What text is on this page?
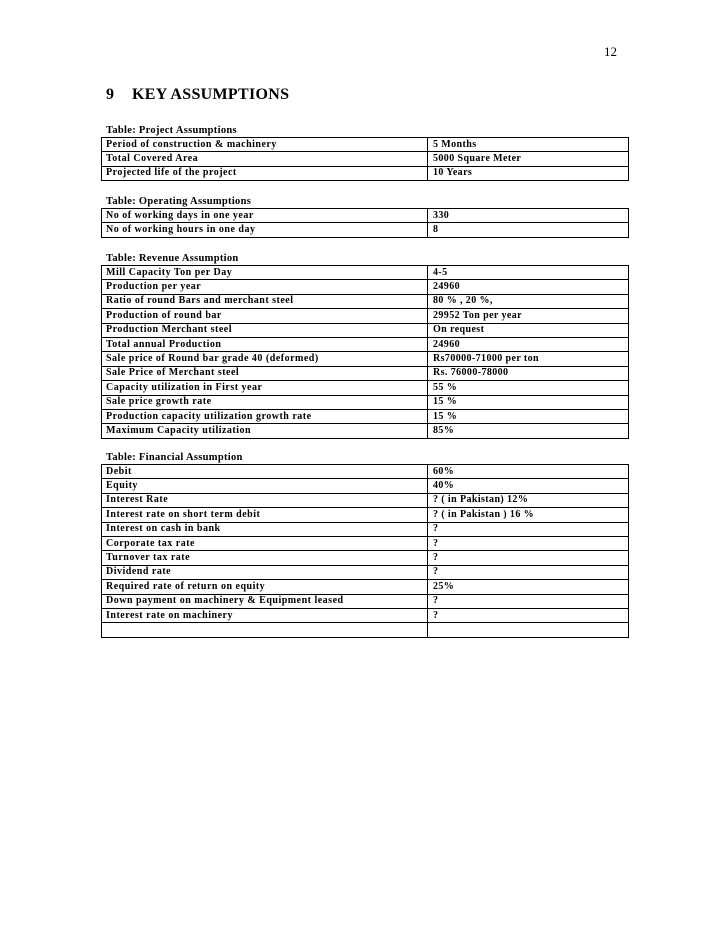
12
9 KEY ASSUMPTIONS
Table: Project Assumptions
Period of construction & machinery	5 Months
Total Covered Area	5000 Square Meter
Projected life of the project	10 Years
Table: Operating Assumptions
No of working days in one year	330
No of working hours in one day	8
Table: Revenue Assumption
Mill Capacity Ton per Day	4-5
Production per year	24960
Ratio of round Bars and merchant steel	80 % , 20 %,
Production of round bar	29952 Ton per year
Production Merchant steel	On request
Total annual Production	24960
Sale price of Round bar grade 40 (deformed)	Rs70000-71000 per ton
Sale Price of Merchant steel	Rs. 76000-78000
Capacity utilization in First year	55 %
Sale price growth rate	15 %
Production capacity utilization growth rate	15 %
Maximum Capacity utilization	85%
Table: Financial Assumption
Debit	60%
Equity	40%
Interest Rate	? ( in Pakistan) 12%
Interest rate on short term debit	? ( in Pakistan ) 16 %
Interest on cash in bank	?
Corporate tax rate	?
Turnover tax rate	?
Dividend rate	?
Required rate of return on equity	25%
Down payment on machinery & Equipment leased	?
Interest rate on machinery	?
